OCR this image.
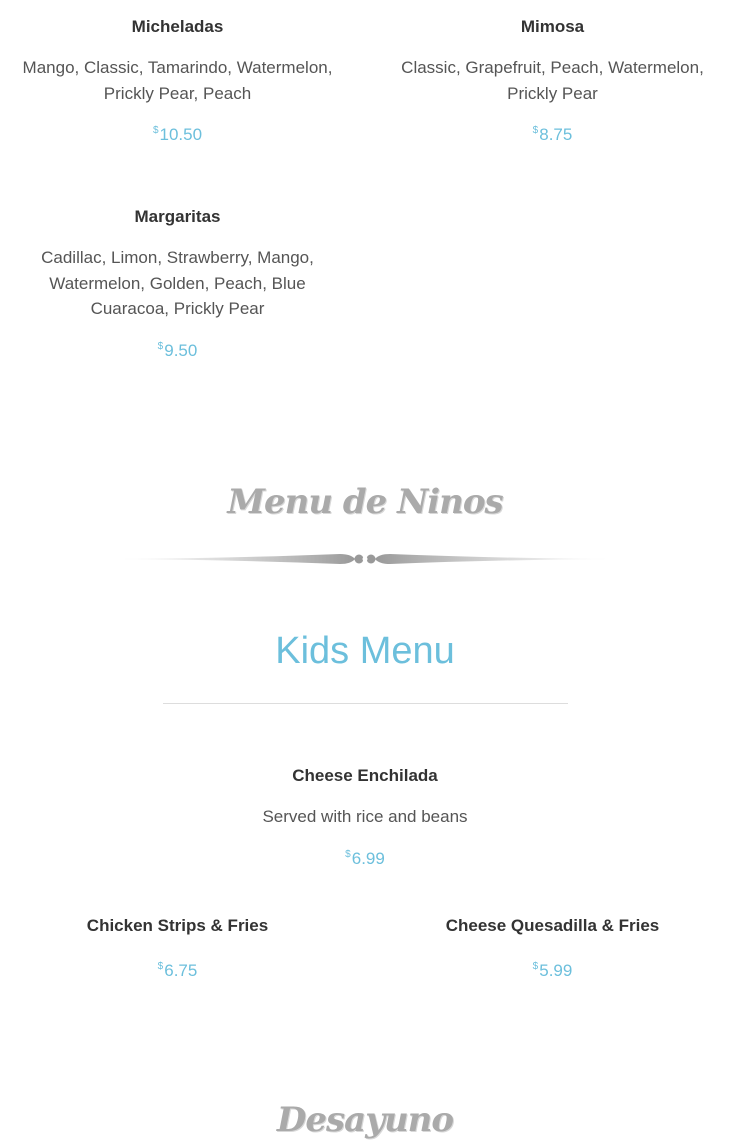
Micheladas
Mango, Classic, Tamarindo, Watermelon, Prickly Pear, Peach
$10.50
Mimosa
Classic, Grapefruit, Peach, Watermelon, Prickly Pear
$8.75
Margaritas
Cadillac, Limon, Strawberry, Mango, Watermelon, Golden, Peach, Blue Cuaracoa, Prickly Pear
$9.50
Menu de Ninos
Kids Menu
Cheese Enchilada
Served with rice and beans
$6.99
Chicken Strips & Fries
$6.75
Cheese Quesadilla & Fries
$5.99
Desayuno
